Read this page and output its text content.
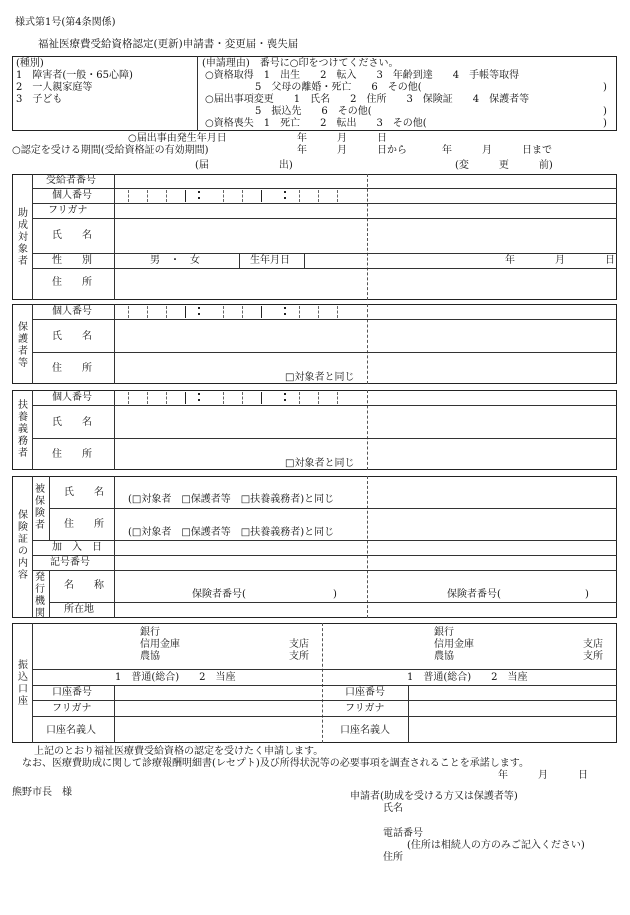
様式第1号(第4条関係)
福祉医療費受給資格認定(更新)申請書・変更届・喪失届
(種別)
1　障害者(一般・65心障)
2　一人親家庭等
3　子ども
(申請理由)　番号に○印をつけてください。
○資格取得　1　出生　　2　転入　　3　年齢到達　　4　手帳等取得
　　　　　5　父母の離婚・死亡　　6　その他(	)
○届出事項変更　　1　氏名　　2　住所　　3　保険証　　4　保護者等
　　　　　5　振込先　　6　その他(	)
○資格喪失　1　死亡　　2　転出　　3　その他(	)
○届出事由発生年月日	年　　　月　　　日
○認定を受ける期間(受給資格証の有効期間)	年　　　月　　　日から	年　　　月　　　日まで
(届　　　　　　　出)	(変　　　更　　　前)
助
成
対
象
者
受給者番号
個人番号
フリガナ
氏　　名
性　　別	男　・　女	生年月日	年　　　　月　　　　日
住　　所
保
護
者
等
個人番号
氏　　名
住　　所
□対象者と同じ
扶
養
義
務
者
個人番号
氏　　名
住　　所
□対象者と同じ
保
険
証
の
内
容
被
保
険
者
氏　　名
(□対象者　□保護者等　□扶養義務者)と同じ
住　　所
(□対象者　□保護者等　□扶養義務者)と同じ
加　入　日
記号番号
発
行
機
関
名　　称
保険者番号(	)	保険者番号(	)
所在地
振
込
口
座
銀行
信用金庫
農協
支店
支所
銀行
信用金庫
農協
支店
支所
1　普通(総合)　　2　当座	1　普通(総合)　　2　当座
口座番号	口座番号
フリガナ	フリガナ
口座名義人	口座名義人
上記のとおり福祉医療費受給資格の認定を受けたく申請します。
なお、医療費助成に関して診療報酬明細書(レセプト)及び所得状況等の必要事項を調査されることを承諾します。
年　　　月　　　日
熊野市長　様	申請者(助成を受ける方又は保護者等)
氏名
電話番号
(住所は相続人の方のみご記入ください)
住所
